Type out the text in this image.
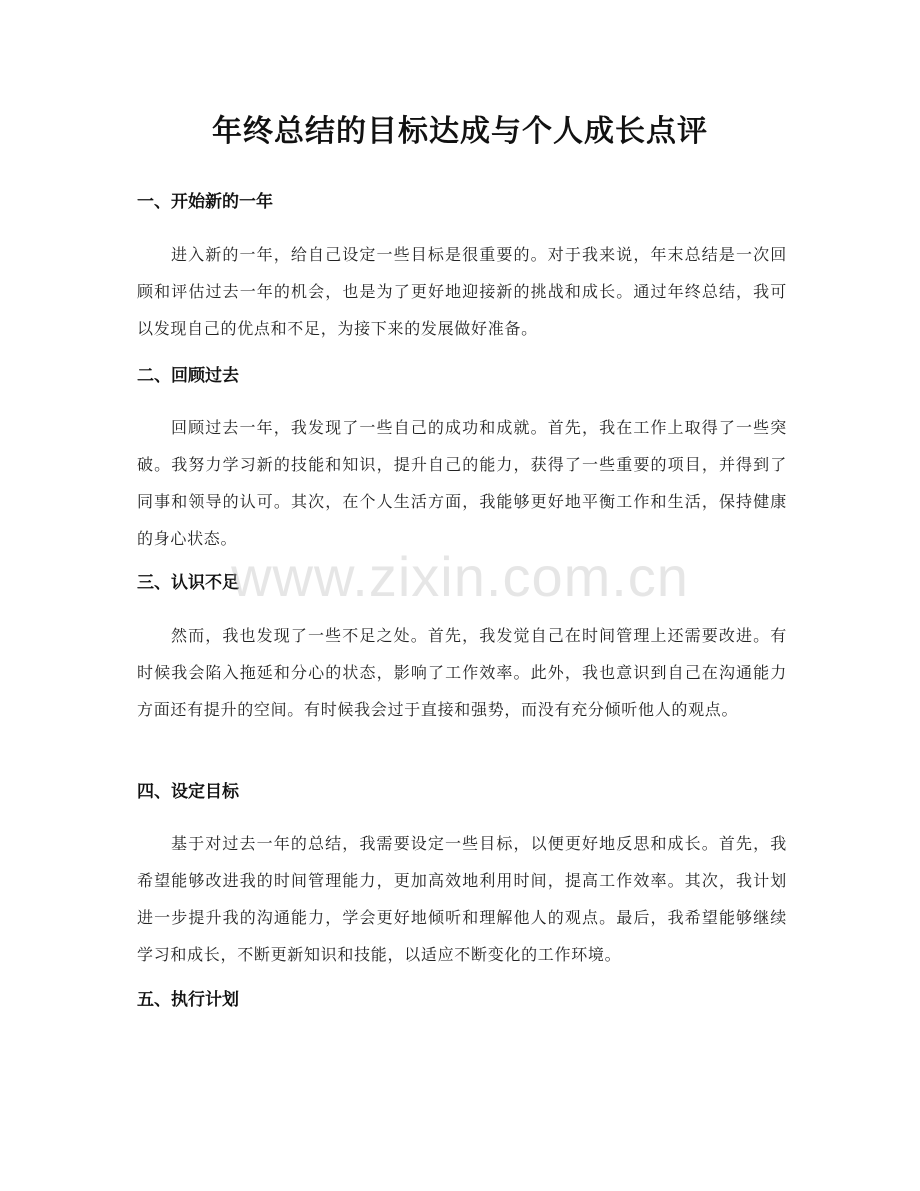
年终总结的目标达成与个人成长点评
一、开始新的一年
进入新的一年，给自己设定一些目标是很重要的。对于我来说，年末总结是一次回顾和评估过去一年的机会，也是为了更好地迎接新的挑战和成长。通过年终总结，我可以发现自己的优点和不足，为接下来的发展做好准备。
二、回顾过去
回顾过去一年，我发现了一些自己的成功和成就。首先，我在工作上取得了一些突破。我努力学习新的技能和知识，提升自己的能力，获得了一些重要的项目，并得到了同事和领导的认可。其次，在个人生活方面，我能够更好地平衡工作和生活，保持健康的身心状态。
三、认识不足
然而，我也发现了一些不足之处。首先，我发觉自己在时间管理上还需要改进。有时候我会陷入拖延和分心的状态，影响了工作效率。此外，我也意识到自己在沟通能力方面还有提升的空间。有时候我会过于直接和强势，而没有充分倾听他人的观点。
四、设定目标
基于对过去一年的总结，我需要设定一些目标，以便更好地反思和成长。首先，我希望能够改进我的时间管理能力，更加高效地利用时间，提高工作效率。其次，我计划进一步提升我的沟通能力，学会更好地倾听和理解他人的观点。最后，我希望能够继续学习和成长，不断更新知识和技能，以适应不断变化的工作环境。
五、执行计划
www.zixin.com.cn
